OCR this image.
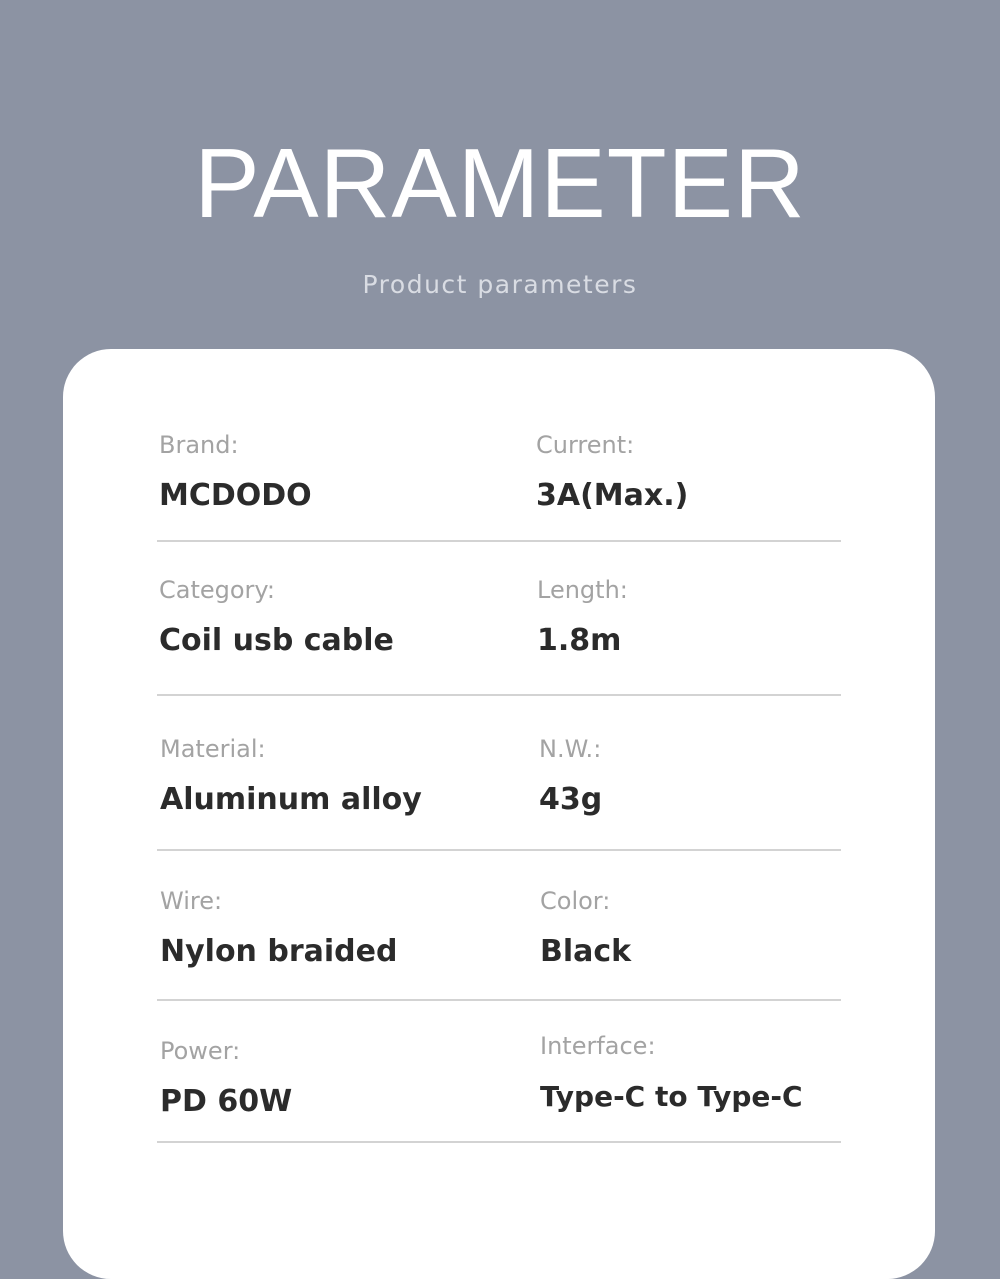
PARAMETER
Product parameters
Brand:
MCDODO
Current:
3A(Max.)
Category:
Coil usb cable
Length:
1.8m
Material:
Aluminum alloy
N.W.:
43g
Wire:
Nylon braided
Color:
Black
Power:
PD 60W
Interface:
Type-C to Type-C
